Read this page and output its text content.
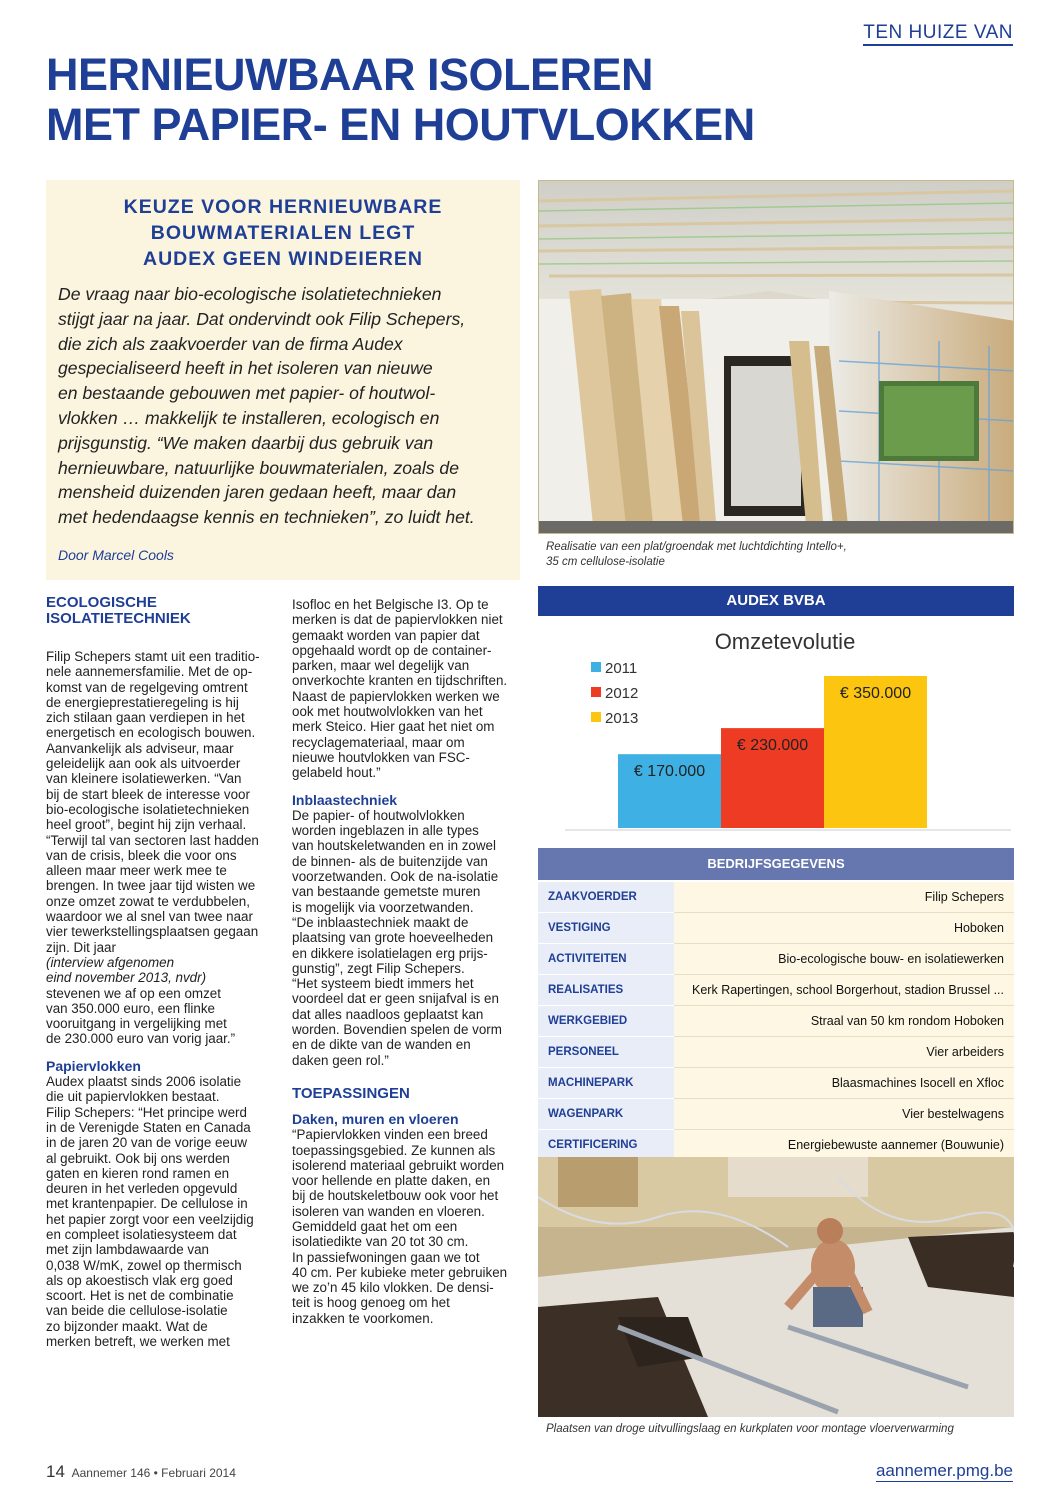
TEN HUIZE VAN
HERNIEUWBAAR ISOLEREN
MET PAPIER- EN HOUTVLOKKEN
KEUZE VOOR HERNIEUWBARE
BOUWMATERIALEN LEGT
AUDEX GEEN WINDEIEREN
De vraag naar bio-ecologische isolatietechnieken
stijgt jaar na jaar. Dat ondervindt ook Filip Schepers,
die zich als zaakvoerder van de firma Audex
gespecialiseerd heeft in het isoleren van nieuwe
en bestaande gebouwen met papier- of houtwol-
vlokken … makkelijk te installeren, ecologisch en
prijsgunstig. “We maken daarbij dus gebruik van
hernieuwbare, natuurlijke bouwmaterialen, zoals de
mensheid duizenden jaren gedaan heeft, maar dan
met hedendaagse kennis en technieken”, zo luidt het.
Door Marcel Cools

ECOLOGISCHE
ISOLATIETECHNIEK

Filip Schepers stamt uit een traditio-
nele aannemersfamilie. Met de op-
komst van de regelgeving omtrent
de energieprestatieregeling is hij
zich stilaan gaan verdiepen in het
energetisch en ecologisch bouwen.
Aanvankelijk als adviseur, maar
geleidelijk aan ook als uitvoerder
van kleinere isolatiewerken. “Van
bij de start bleek de interesse voor
bio-ecologische isolatietechnieken
heel groot”, begint hij zijn verhaal.
“Terwijl tal van sectoren last hadden
van de crisis, bleek die voor ons
alleen maar meer werk mee te
brengen. In twee jaar tijd wisten we
onze omzet zowat te verdubbelen,
waardoor we al snel van twee naar
vier tewerkstellingsplaatsen gegaan
zijn. Dit jaar
(interview afgenomen
eind november 2013, nvdr)
stevenen we af op een omzet
van 350.000 euro, een flinke
vooruitgang in vergelijking met
de 230.000 euro van vorig jaar.”

Papiervlokken

Audex plaatst sinds 2006 isolatie
die uit papiervlokken bestaat.
Filip Schepers: “Het principe werd
in de Verenigde Staten en Canada
in de jaren 20 van de vorige eeuw
al gebruikt. Ook bij ons werden
gaten en kieren rond ramen en
deuren in het verleden opgevuld
met krantenpapier. De cellulose in
het papier zorgt voor een veelzijdig
en compleet isolatiesysteem dat
met zijn lambdawaarde van
0,038 W/mK, zowel op thermisch
als op akoestisch vlak erg goed
scoort. Het is net de combinatie
van beide die cellulose-isolatie
zo bijzonder maakt. Wat de
merken betreft, we werken met
Isofloc en het Belgische I3. Op te
merken is dat de papiervlokken niet
gemaakt worden van papier dat
opgehaald wordt op de container-
parken, maar wel degelijk van
onverkochte kranten en tijdschriften.
Naast de papiervlokken werken we
ook met houtwolvlokken van het
merk Steico. Hier gaat het niet om
recyclagemateriaal, maar om
nieuwe houtvlokken van FSC-
gelabeld hout.”

Inblaastechniek

De papier- of houtwolvlokken
worden ingeblazen in alle types
van houtskeletwanden en in zowel
de binnen- als de buitenzijde van
voorzetwanden. Ook de na-isolatie
van bestaande gemetste muren
is mogelijk via voorzetwanden.
“De inblaastechniek maakt de
plaatsing van grote hoeveelheden
en dikkere isolatielagen erg prijs-
gunstig”, zegt Filip Schepers.
“Het systeem biedt immers het
voordeel dat er geen snijafval is en
dat alles naadloos geplaatst kan
worden. Bovendien spelen de vorm
en de dikte van de wanden en
daken geen rol.”

TOEPASSINGEN

Daken, muren en vloeren

“Papiervlokken vinden een breed
toepassingsgebied. Ze kunnen als
isolerend materiaal gebruikt worden
voor hellende en platte daken, en
bij de houtskeletbouw ook voor het
isoleren van wanden en vloeren.
Gemiddeld gaat het om een
isolatiedikte van 20 tot 30 cm.
In passiefwoningen gaan we tot
40 cm. Per kubieke meter gebruiken
we zo’n 45 kilo vlokken. De densi-
teit is hoog genoeg om het
inzakken te voorkomen.
Realisatie van een plat/groendak met luchtdichting Intello+,
35 cm cellulose-isolatie
AUDEX BVBA
Omzetevolutie
2011
2012
2013
€ 170.000
€ 230.000
€ 350.000
BEDRIJFSGEGEVENS
ZAAKVOERDER	Filip Schepers
VESTIGING	Hoboken
ACTIVITEITEN	Bio-ecologische bouw- en isolatiewerken
REALISATIES	Kerk Rapertingen, school Borgerhout, stadion Brussel ...
WERKGEBIED	Straal van 50 km rondom Hoboken
PERSONEEL	Vier arbeiders
MACHINEPARK	Blaasmachines Isocell en Xfloc
WAGENPARK	Vier bestelwagens
CERTIFICERING	Energiebewuste aannemer (Bouwunie)
Plaatsen van droge uitvullingslaag en kurkplaten voor montage vloerverwarming
14 Aannemer 146 • Februari 2014	aannemer.pmg.be
